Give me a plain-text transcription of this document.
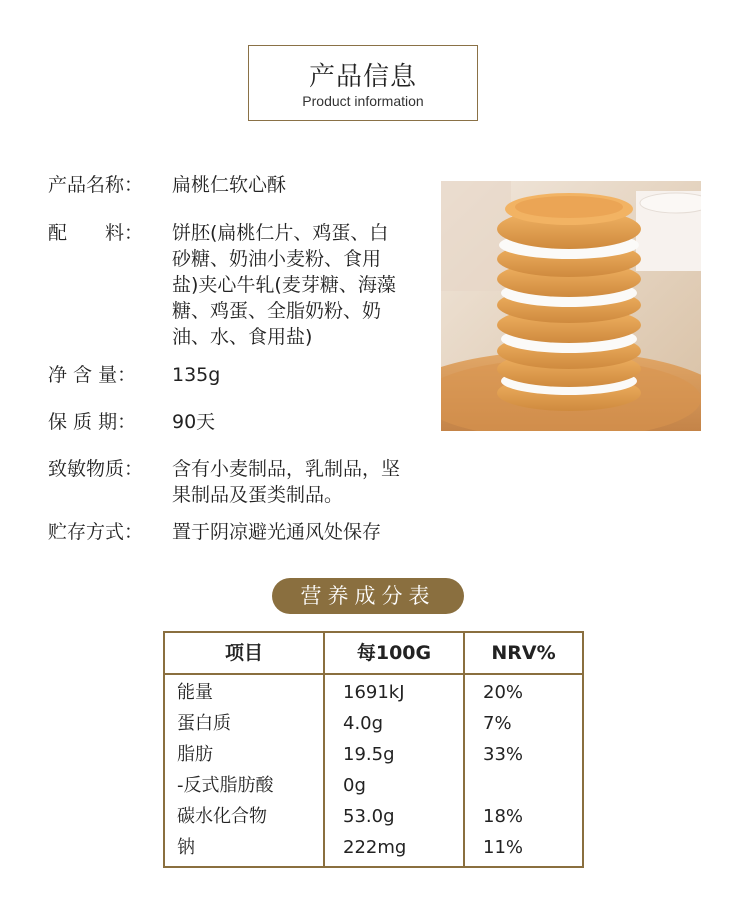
产品信息
Product information
产品名称：	扁桃仁软心酥
配　　料：	饼胚(扁桃仁片、鸡蛋、白
砂糖、奶油小麦粉、食用
盐)夹心牛轧(麦芽糖、海藻
糖、鸡蛋、全脂奶粉、奶
油、水、食用盐)
净 含 量：	135g
保 质 期：	90天
致敏物质：	含有小麦制品，乳制品，坚
果制品及蛋类制品。
贮存方式：	置于阴凉避光通风处保存
营养成分表
项目	每100G	NRV%
能量	1691kJ	20%
蛋白质	4.0g	7%
脂肪	19.5g	33%
-反式脂肪酸	0g
碳水化合物	53.0g	18%
钠	222mg	11%
